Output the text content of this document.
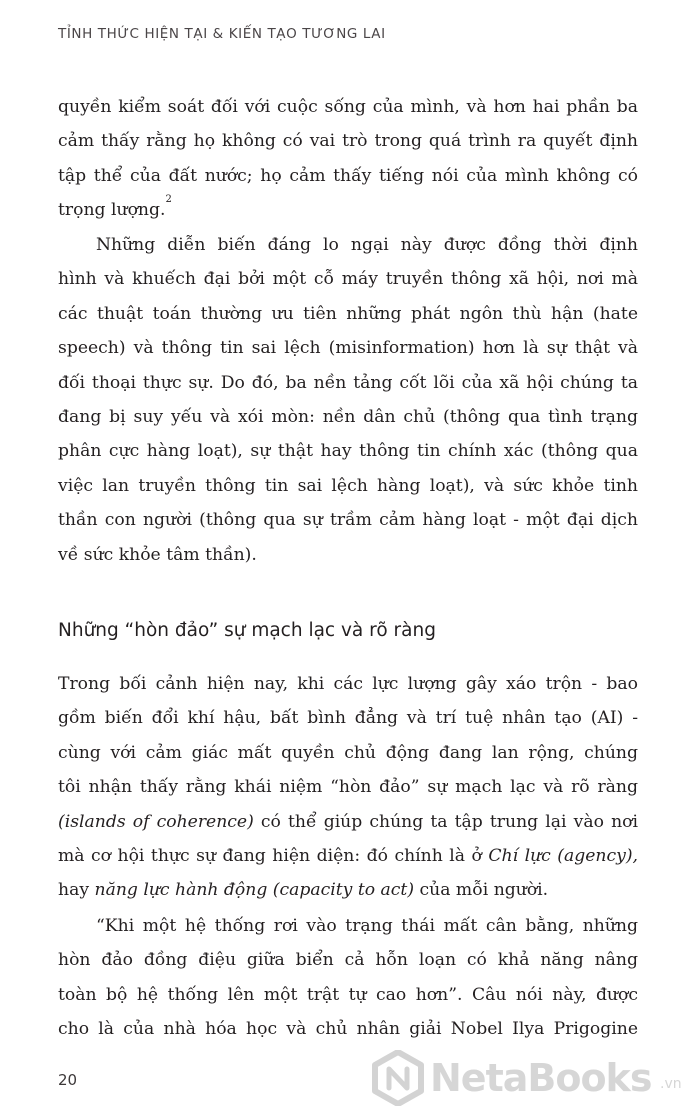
TỈNH THỨC HIỆN TẠI & KIẾN TẠO TƯƠNG LAI
quyền kiểm soát đối với cuộc sống của mình, và hơn hai phần ba
cảm thấy rằng họ không có vai trò trong quá trình ra quyết định
tập thể của đất nước; họ cảm thấy tiếng nói của mình không có
trọng lượng.$^2$
Những diễn biến đáng lo ngại này được đồng thời định
hình và khuếch đại bởi một cỗ máy truyền thông xã hội, nơi mà
các thuật toán thường ưu tiên những phát ngôn thù hận (hate
speech) và thông tin sai lệch (misinformation) hơn là sự thật và
đối thoại thực sự. Do đó, ba nền tảng cốt lõi của xã hội chúng ta
đang bị suy yếu và xói mòn: nền dân chủ (thông qua tình trạng
phân cực hàng loạt), sự thật hay thông tin chính xác (thông qua
việc lan truyền thông tin sai lệch hàng loạt), và sức khỏe tinh
thần con người (thông qua sự trầm cảm hàng loạt - một đại dịch
về sức khỏe tâm thần).
Những “hòn đảo” sự mạch lạc và rõ ràng
Trong bối cảnh hiện nay, khi các lực lượng gây xáo trộn - bao
gồm biến đổi khí hậu, bất bình đẳng và trí tuệ nhân tạo (AI) -
cùng với cảm giác mất quyền chủ động đang lan rộng, chúng
tôi nhận thấy rằng khái niệm “hòn đảo” sự mạch lạc và rõ ràng
(islands of coherence) có thể giúp chúng ta tập trung lại vào nơi
mà cơ hội thực sự đang hiện diện: đó chính là ở Chí lực (agency),
hay năng lực hành động (capacity to act) của mỗi người.
“Khi một hệ thống rơi vào trạng thái mất cân bằng, những
hòn đảo đồng điệu giữa biển cả hỗn loạn có khả năng nâng
toàn bộ hệ thống lên một trật tự cao hơn”. Câu nói này, được
cho là của nhà hóa học và chủ nhân giải Nobel Ilya Prigogine
20	NetaBooks .vn
